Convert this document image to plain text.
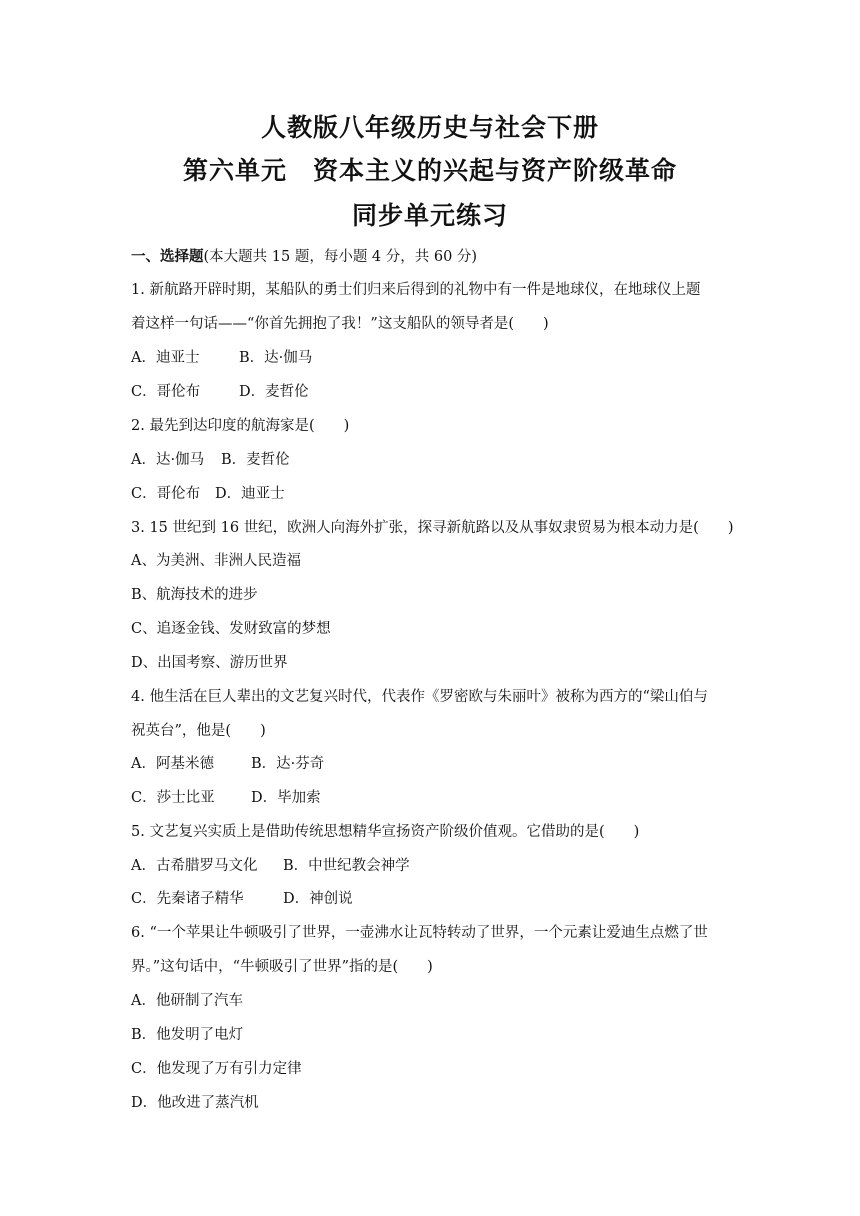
人教版八年级历史与社会下册
第六单元　资本主义的兴起与资产阶级革命
同步单元练习
一、选择题(本大题共 15 题，每小题 4 分，共 60 分)
1. 新航路开辟时期，某船队的勇士们归来后得到的礼物中有一件是地球仪，在地球仪上题
着这样一句话——“你首先拥抱了我！”这支船队的领导者是(　　)
A．迪亚士	B．达·伽马
C．哥伦布	D．麦哲伦
2. 最先到达印度的航海家是(　　)
A．达·伽马 B．麦哲伦
C．哥伦布 D．迪亚士
3. 15 世纪到 16 世纪，欧洲人向海外扩张，探寻新航路以及从事奴隶贸易为根本动力是(　　)
A、为美洲、非洲人民造福
B、航海技术的进步
C、追逐金钱、发财致富的梦想
D、出国考察、游历世界
4. 他生活在巨人辈出的文艺复兴时代，代表作《罗密欧与朱丽叶》被称为西方的“梁山伯与
祝英台”，他是(　　)
A．阿基米德	B．达·芬奇
C．莎士比亚	D．毕加索
5. 文艺复兴实质上是借助传统思想精华宣扬资产阶级价值观。它借助的是(　　)
A．古希腊罗马文化 B．中世纪教会神学
C．先秦诸子精华	D．神创说
6. “一个苹果让牛顿吸引了世界，一壶沸水让瓦特转动了世界，一个元素让爱迪生点燃了世
界。”这句话中，“牛顿吸引了世界”指的是(　　)
A．他研制了汽车
B．他发明了电灯
C．他发现了万有引力定律
D．他改进了蒸汽机
